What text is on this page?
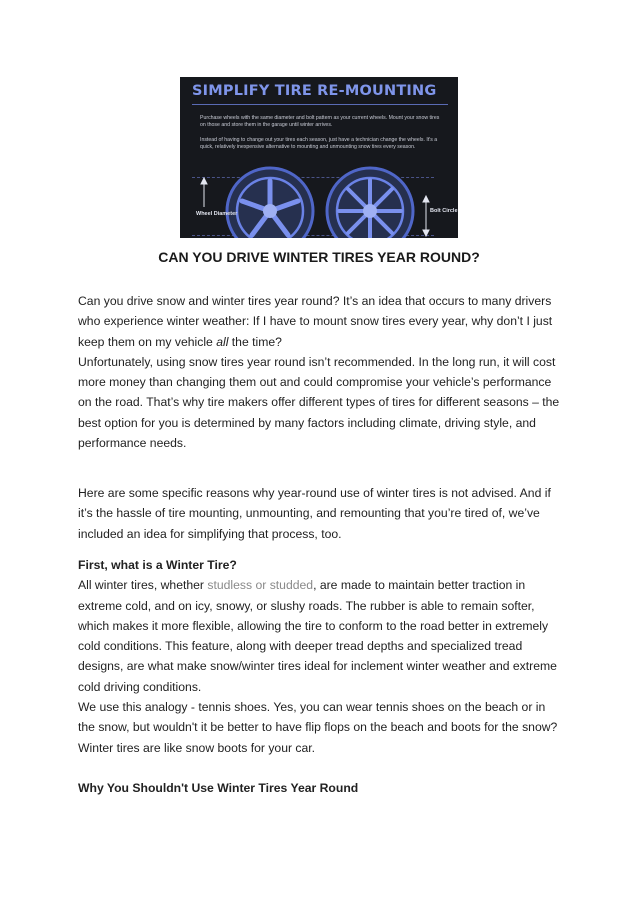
SIMPLIFY TIRE RE-MOUNTING
Purchase wheels with the same diameter and bolt pattern as your current wheels. Mount your snow tires on those and store them in the garage until winter arrives.
Instead of having to change out your tires each season, just have a technician change the wheels. It's a quick, relatively inexpensive alternative to mounting and unmounting snow tires every season.
Wheel Diameter	Bolt Circle
CAN YOU DRIVE WINTER TIRES YEAR ROUND?

Can you drive snow and winter tires year round? It’s an idea that occurs to many drivers who experience winter weather: If I have to mount snow tires every year, why don’t I just keep them on my vehicle all the time?

Unfortunately, using snow tires year round isn’t recommended. In the long run, it will cost more money than changing them out and could compromise your vehicle’s performance on the road. That’s why tire makers offer different types of tires for different seasons – the best option for you is determined by many factors including climate, driving style, and performance needs.

Here are some specific reasons why year-round use of winter tires is not advised. And if it’s the hassle of tire mounting, unmounting, and remounting that you’re tired of, we’ve included an idea for simplifying that process, too.

First, what is a Winter Tire?

All winter tires, whether studless or studded, are made to maintain better traction in extreme cold, and on icy, snowy, or slushy roads. The rubber is able to remain softer, which makes it more flexible, allowing the tire to conform to the road better in extremely cold conditions. This feature, along with deeper tread depths and specialized tread designs, are what make snow/winter tires ideal for inclement winter weather and extreme cold driving conditions.

We use this analogy - tennis shoes. Yes, you can wear tennis shoes on the beach or in the snow, but wouldn't it be better to have flip flops on the beach and boots for the snow? Winter tires are like snow boots for your car.

Why You Shouldn't Use Winter Tires Year Round
